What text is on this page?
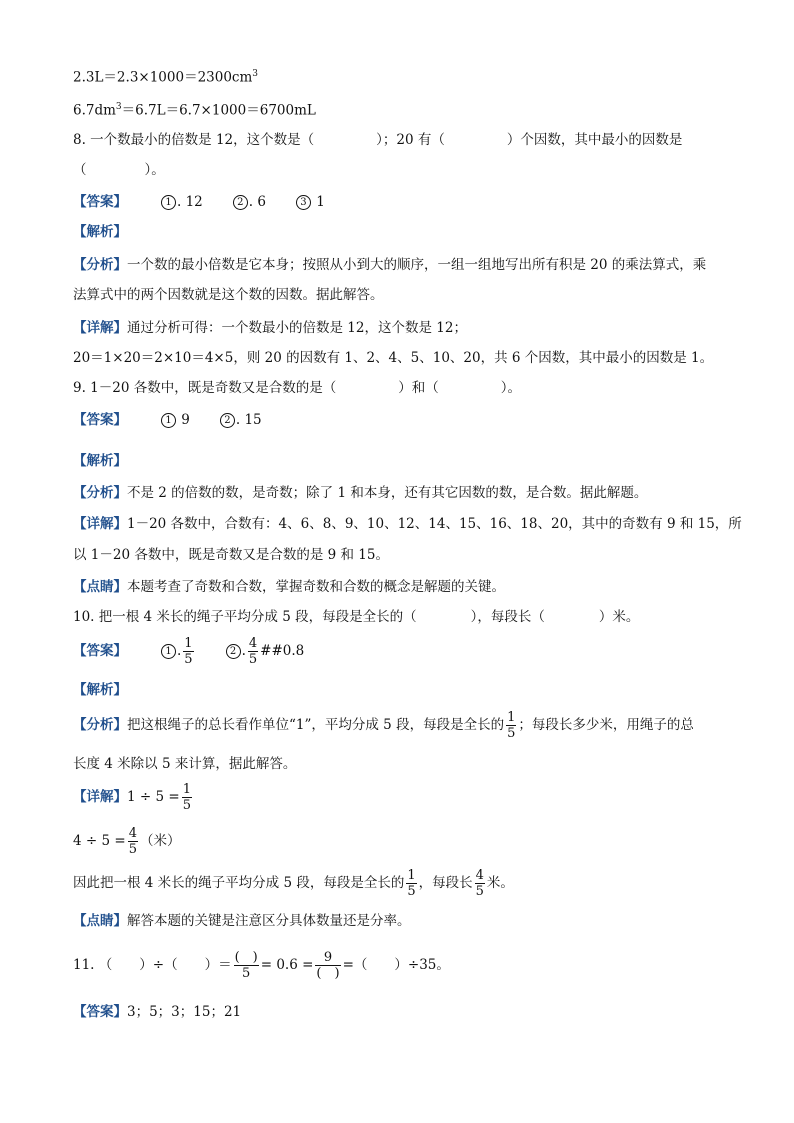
$2.3L=2.3\times 1000=2300cm^3$
$6.7dm^3=6.7L=6.7\times 1000=6700mL$
8. 一个数最小的倍数是 12，这个数是（	）；20 有（	）个因数，其中最小的因数是
（	）。
【 答案 】	1 . 12	2 . 6	3 1
【解析】
【 分析 】 一个数的最小倍数是它本身；按照从小到大的顺序，一组一组地写出所有积是 20 的乘法算式，乘
法算式中的两个因数就是这个数的因数。据此解答。
【 详解 】 通过分析可得：一个数最小的倍数是 12，这个数是 12；
20＝1×20＝2×10＝4×5，则 20 的因数有 1、2、4、5、10、20，共 6 个因数，其中最小的因数是 1。
9. 1－20 各数中，既是奇数又是合数的是（	）和（	）。
【 答案 】	1 9	2 . 15
【解析】
【 分析 】 不是 2 的倍数的数，是奇数；除了 1 和本身，还有其它因数的数，是合数。据此解题。
【 详解 】 1－20 各数中，合数有：4、6、8、9、10、12、14、15、16、18、20，其中的奇数有 9 和 15，所
以 1－20 各数中，既是奇数又是合数的是 9 和 15。
【 点睛 】 本题考查了奇数和合数，掌握奇数和合数的概念是解题的关键。
10. 把一根 4 米长的绳子平均分成 5 段，每段是全长的（	），每段长（	）米。
【 答案 】	1 . $\frac{1}{5}$	2 . $\frac{4}{5}$ ##0.8
【解析】
【 分析 】 把这根绳子的总长看作单位“1”，平均分成 5 段，每段是全长的 $\frac{1}{5}$ ；每段长多少米，用绳子的总
长度 4 米除以 5 来计算，据此解答。
【 详解 】 $1 \div 5 = \frac{1}{5}$
$4 \div 5 = \frac{4}{5}$ （米）
因此把一根 4 米长的绳子平均分成 5 段，每段是全长的 $\frac{1}{5}$ ，每段长 $\frac{4}{5}$ 米。
【 点睛 】 解答本题的关键是注意区分具体数量还是分率。
11. （　　）÷（　　）＝ (　)
5
= 0.6 = 9
(　)
=（　　）÷35。
【 答案 】 3；5；3；15；21
